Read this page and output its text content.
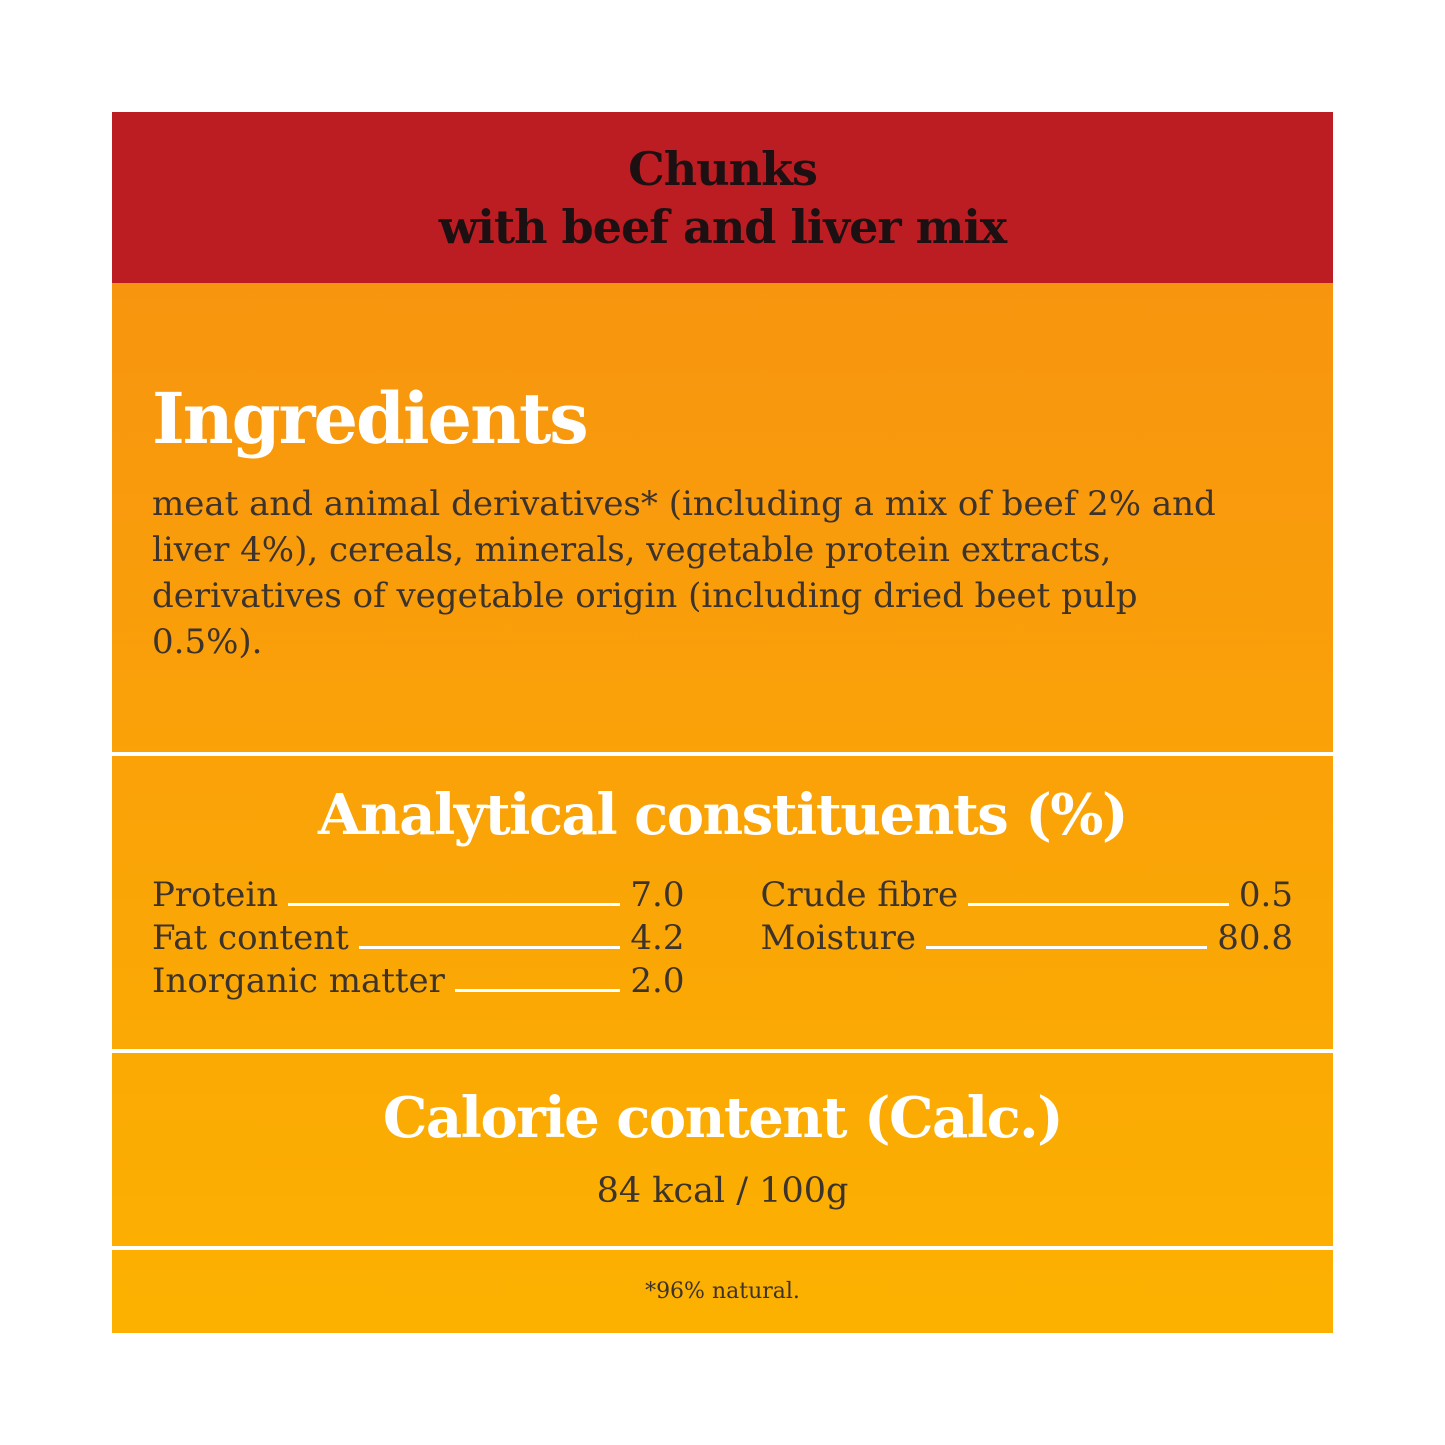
Chunks
with beef and liver mix
Ingredients
meat and animal derivatives* (including a mix of beef 2% and liver 4%), cereals, minerals, vegetable protein extracts, derivatives of vegetable origin (including dried beet pulp 0.5%).
Analytical constituents (%)
Protein	7.0
Fat content	4.2
Inorganic matter	2.0
Crude fibre	0.5
Moisture	80.8
Calorie content (Calc.)
84 kcal / 100g
*96% natural.
